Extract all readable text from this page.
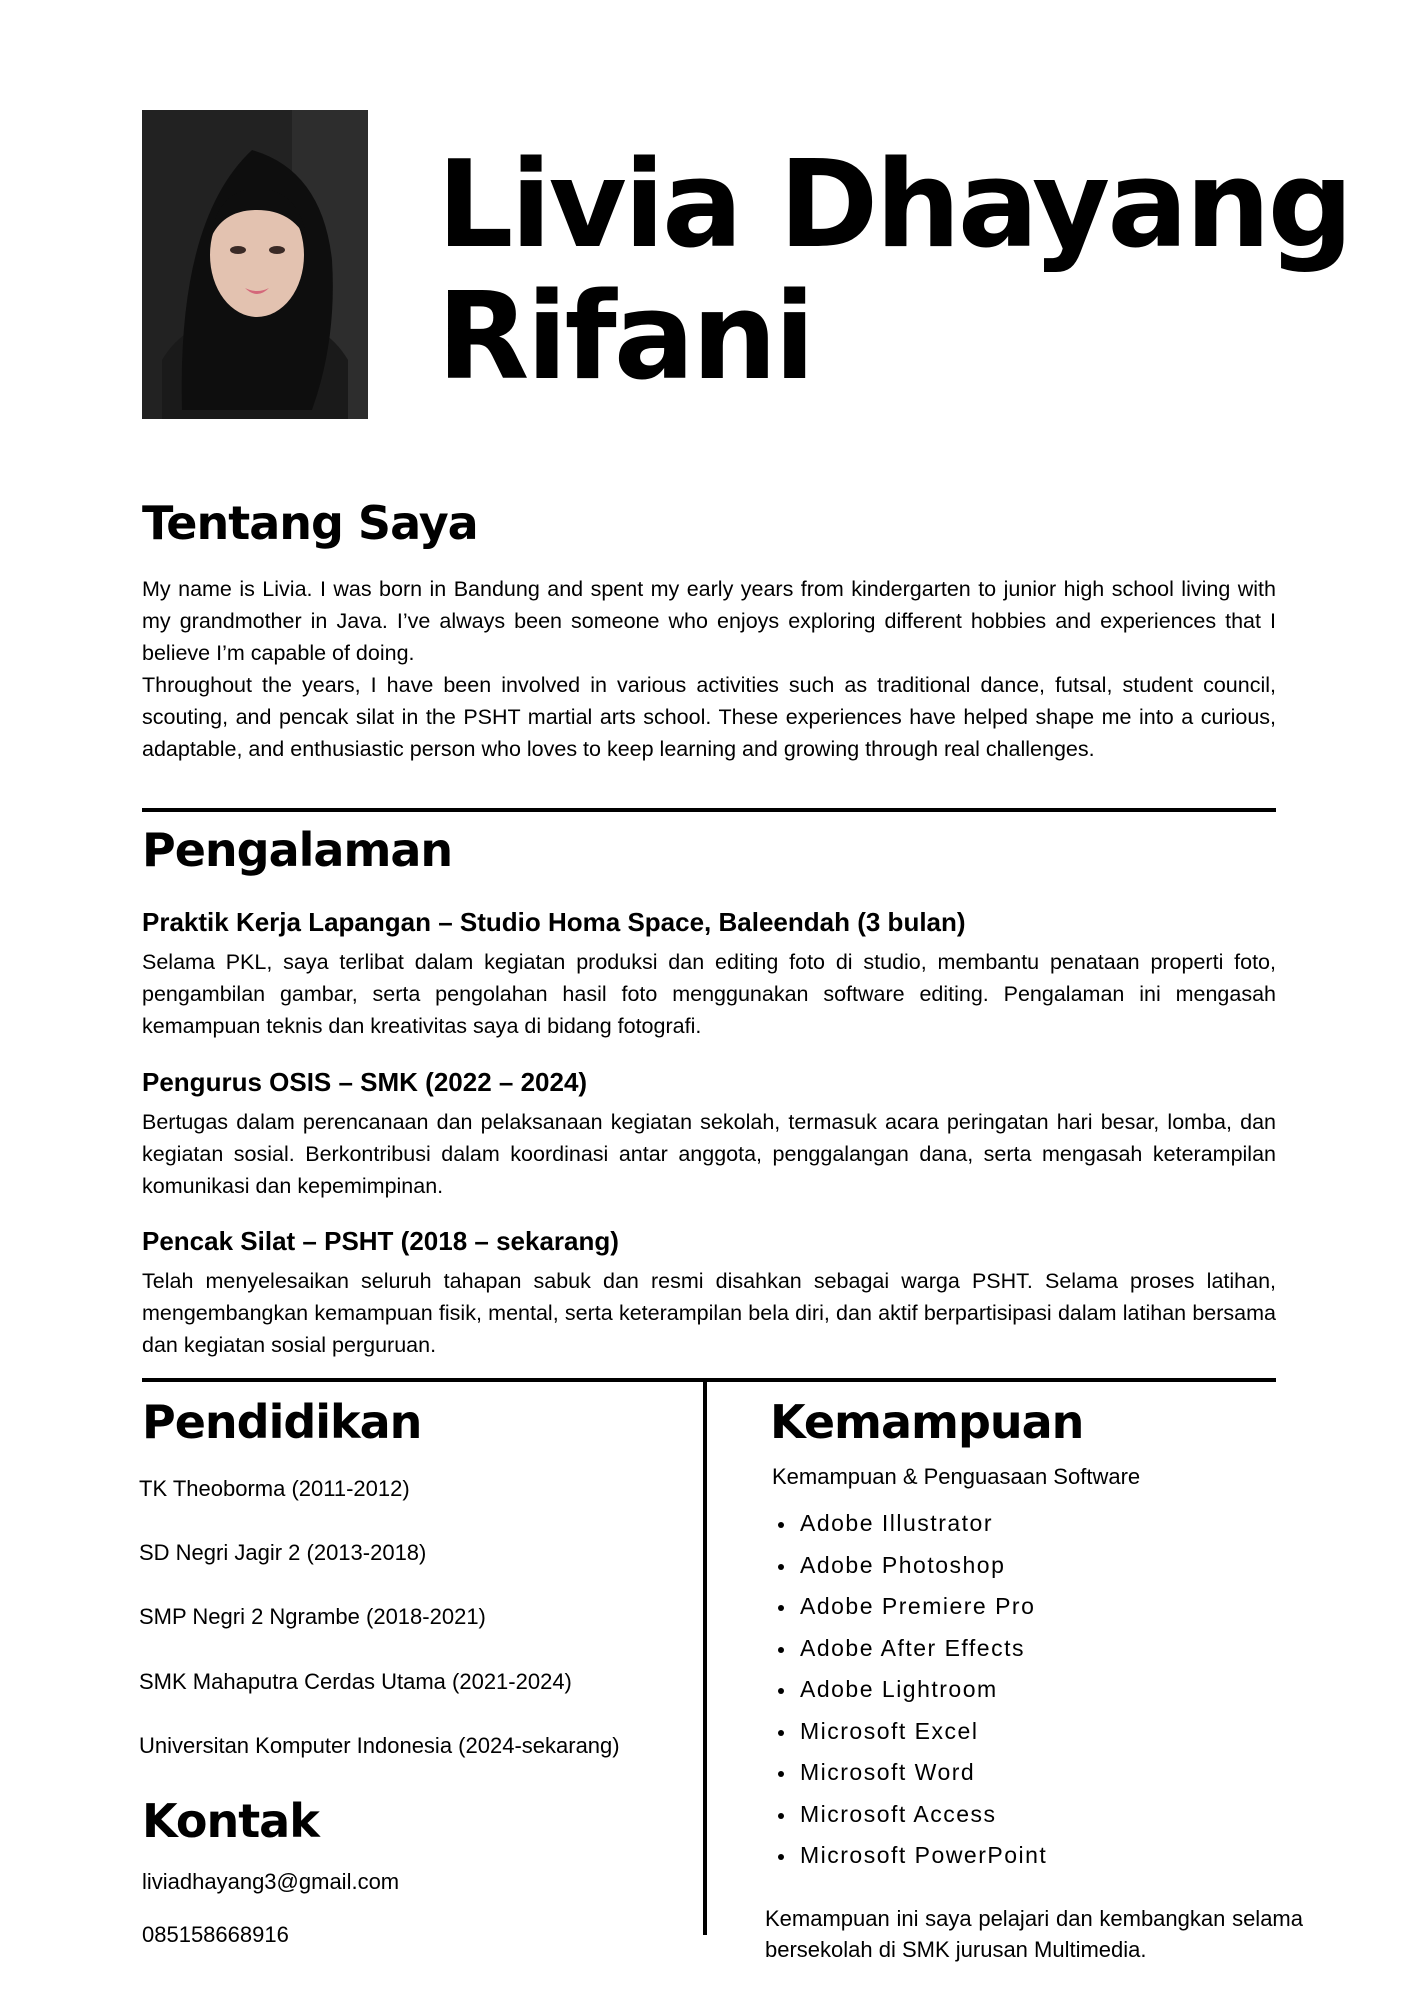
Livia Dhayang
Rifani
Tentang Saya

My name is Livia. I was born in Bandung and spent my early years from kindergarten to junior high school living with my grandmother in Java. I’ve always been someone who enjoys exploring different hobbies and experiences that I believe I’m capable of doing.

Throughout the years, I have been involved in various activities such as traditional dance, futsal, student council, scouting, and pencak silat in the PSHT martial arts school. These experiences have helped shape me into a curious, adaptable, and enthusiastic person who loves to keep learning and growing through real challenges.

Pengalaman

Praktik Kerja Lapangan – Studio Homa Space, Baleendah (3 bulan)

Selama PKL, saya terlibat dalam kegiatan produksi dan editing foto di studio, membantu penataan properti foto, pengambilan gambar, serta pengolahan hasil foto menggunakan software editing. Pengalaman ini mengasah kemampuan teknis dan kreativitas saya di bidang fotografi.

Pengurus OSIS – SMK (2022 – 2024)

Bertugas dalam perencanaan dan pelaksanaan kegiatan sekolah, termasuk acara peringatan hari besar, lomba, dan kegiatan sosial. Berkontribusi dalam koordinasi antar anggota, penggalangan dana, serta mengasah keterampilan komunikasi dan kepemimpinan.

Pencak Silat – PSHT (2018 – sekarang)

Telah menyelesaikan seluruh tahapan sabuk dan resmi disahkan sebagai warga PSHT. Selama proses latihan, mengembangkan kemampuan fisik, mental, serta keterampilan bela diri, dan aktif berpartisipasi dalam latihan bersama dan kegiatan sosial perguruan.

Pendidikan

TK Theoborma (2011-2012)

SD Negri Jagir 2 (2013-2018)

SMP Negri 2 Ngrambe (2018-2021)

SMK Mahaputra Cerdas Utama (2021-2024)

Universitan Komputer Indonesia (2024-sekarang)

Kontak

liviadhayang3@gmail.com

085158668916

Kemampuan

Kemampuan & Penguasaan Software

Adobe Illustrator
Adobe Photoshop
Adobe Premiere Pro
Adobe After Effects
Adobe Lightroom
Microsoft Excel
Microsoft Word
Microsoft Access
Microsoft PowerPoint

Kemampuan ini saya pelajari dan kembangkan selama bersekolah di SMK jurusan Multimedia.
